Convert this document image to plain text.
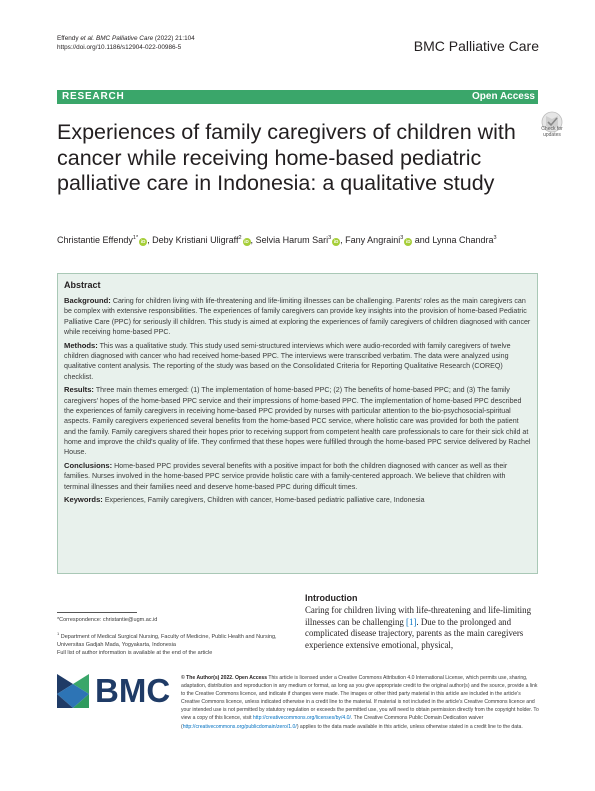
Effendy et al. BMC Palliative Care (2022) 21:104
https://doi.org/10.1186/s12904-022-00986-5	BMC Palliative Care
RESEARCH	Open Access
Experiences of family caregivers of children with cancer while receiving home-based pediatric palliative care in Indonesia: a qualitative study
Check for updates
Christantie Effendy$^{1*}$iD , Deby Kristiani Uligraff$^2$iD , Selvia Harum Sari$^3$iD , Fany Angraini$^3$iD and Lynna Chandra$^3$
Abstract

Background: Caring for children living with life-threatening and life-limiting illnesses can be challenging. Parents' roles as the main caregivers can be complex with extensive responsibilities. The experiences of family caregivers can provide key insights into the provision of home-based Pediatric Palliative Care (PPC) for seriously ill children. This study is aimed at exploring the experiences of family caregivers of children diagnosed with cancer while receiving home-based PPC.

Methods: This was a qualitative study. This study used semi-structured interviews which were audio-recorded with family caregivers of twelve children diagnosed with cancer who had received home-based PPC. The interviews were transcribed verbatim. The data were analyzed using qualitative content analysis. The reporting of the study was based on the Consolidated Criteria for Reporting Qualitative Research (COREQ) checklist.

Results: Three main themes emerged: (1) The implementation of home-based PPC; (2) The benefits of home-based PPC; and (3) The family caregivers' hopes of the home-based PPC service and their impressions of home-based PPC. The implementation of home-based PPC described the experiences of family caregivers in receiving home-based PPC provided by nurses with particular attention to the bio-psychosocial-spiritual aspects. Family caregivers experienced several benefits from the home-based PCC service, where holistic care was provided for both the patient and the family. Family caregivers shared their hopes prior to receiving support from competent health care professionals to care for their sick child at home and improve the child's quality of life. They confirmed that these hopes were fulfilled through the home-based PPC service delivered by Rachel House.

Conclusions: Home-based PPC provides several benefits with a positive impact for both the children diagnosed with cancer as well as their families. Nurses involved in the home-based PPC service provide holistic care with a family-centered approach. We believe that children with terminal illnesses and their families need and deserve home-based PPC during difficult times.

Keywords: Experiences, Family caregivers, Children with cancer, Home-based pediatric palliative care, Indonesia

*Correspondence: christantie@ugm.ac.id
$^1$ Department of Medical Surgical Nursing, Faculty of Medicine, Public Health and Nursing, Universitas Gadjah Mada, Yogyakarta, Indonesia
Full list of author information is available at the end of the article
Introduction

Caring for children living with life-threatening and life-limiting illnesses can be challenging [1]. Due to the prolonged and complicated disease trajectory, parents as the main caregivers experience extensive emotional, physical,

BMC © The Author(s) 2022. Open Access This article is licensed under a Creative Commons Attribution 4.0 International License, which permits use, sharing, adaptation, distribution and reproduction in any medium or format, as long as you give appropriate credit to the original author(s) and the source, provide a link to the Creative Commons licence, and indicate if changes were made. The images or other third party material in this article are included in the article's Creative Commons licence, unless indicated otherwise in a credit line to the material. If material is not included in the article's Creative Commons licence and your intended use is not permitted by statutory regulation or exceeds the permitted use, you will need to obtain permission directly from the copyright holder. To view a copy of this licence, visit http://creativecommons.org/licenses/by/4.0/. The Creative Commons Public Domain Dedication waiver (http://creativecommons.org/publicdomain/zero/1.0/) applies to the data made available in this article, unless otherwise stated in a credit line to the data.
